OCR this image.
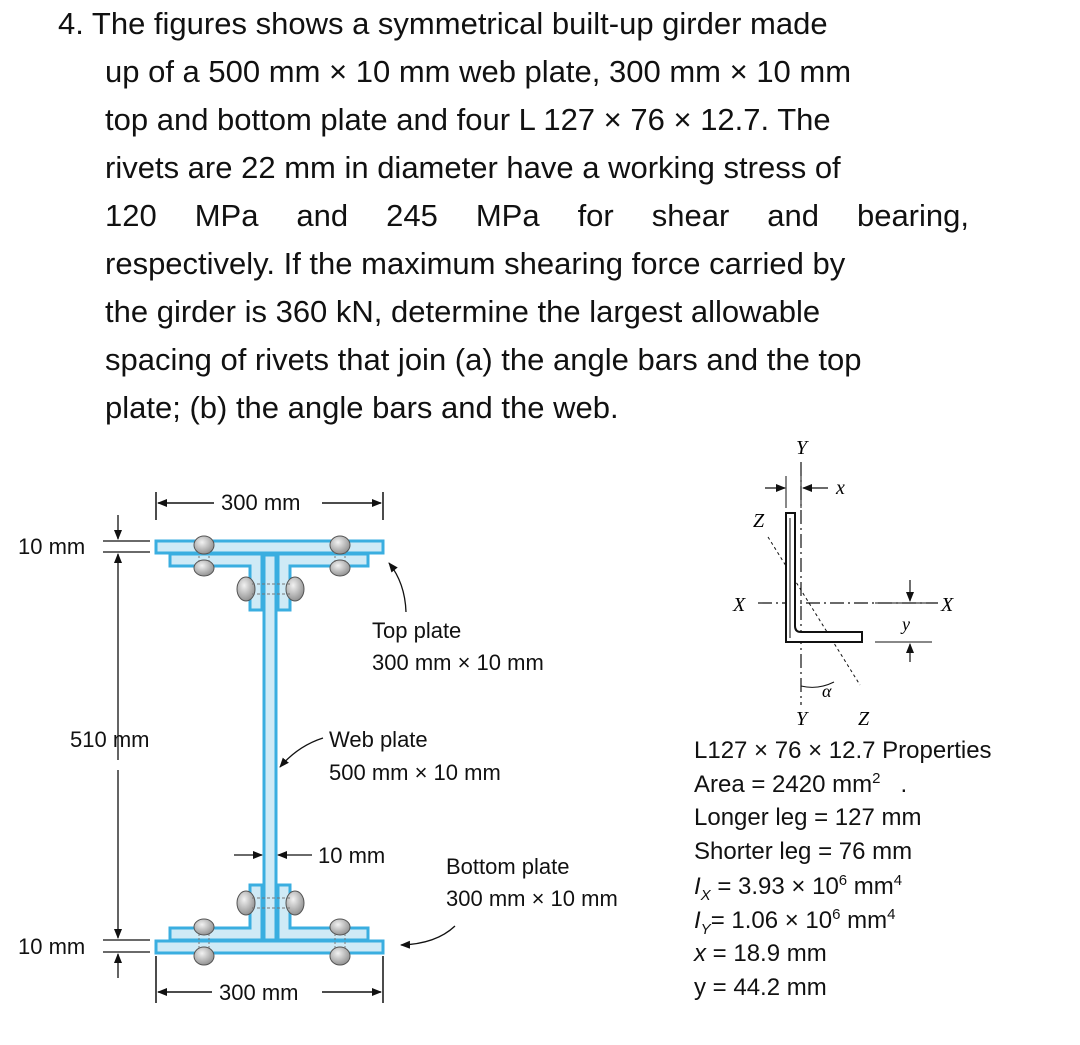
4. The figures shows a symmetrical built-up girder made
up of a 500 mm × 10 mm web plate, 300 mm × 10 mm
top and bottom plate and four L 127 × 76 × 12.7. The
rivets are 22 mm in diameter have a working stress of
120 MPa and 245 MPa for shear and bearing,
respectively. If the maximum shearing force carried by
the girder is 360 kN, determine the largest allowable
spacing of rivets that join (a) the angle bars and the top
plate; (b) the angle bars and the web.
Y
x
Z
X	X
y
α
Y	Z
300 mm
10 mm
510 mm
10 mm
300 mm
Top plate
300 mm × 10 mm
Web plate
500 mm × 10 mm
10 mm	Bottom plate
300 mm × 10 mm
L127 × 76 × 12.7 Properties
Area = 2420 $mm^2$ .
Longer leg = 127 mm
Shorter leg = 76 mm
$I_X = 3.93 \times 10^6$ $mm^4$
$I_Y= 1.06 \times 10^6$ $mm^4$
x = 18.9 mm
y = 44.2 mm
